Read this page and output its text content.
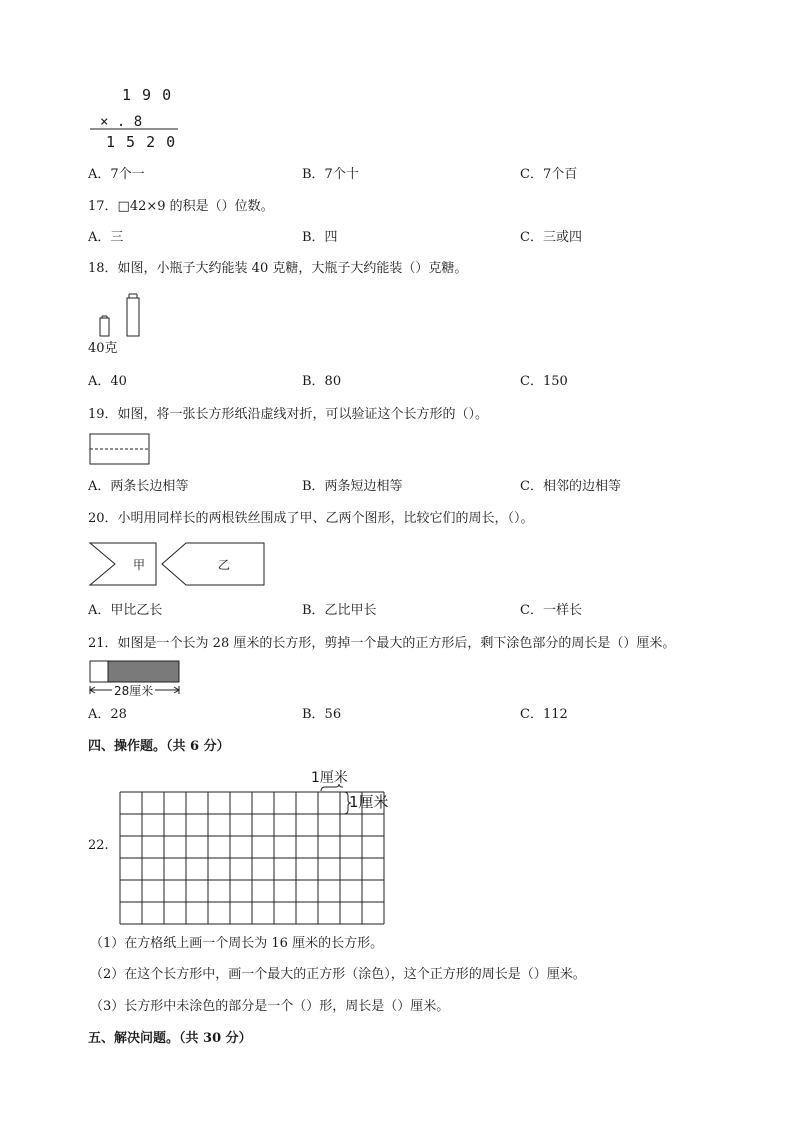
1 9 0
× . 8
1 5 2 0
A．7个一	B．7个十	C．7个百
17．□42×9 的积是（）位数。
A．三	B．四	C．三或四
18．如图，小瓶子大约能装 40 克糖，大瓶子大约能装（）克糖。
40克
A．40	B．80	C．150
19．如图，将一张长方形纸沿虚线对折，可以验证这个长方形的（）。
A．两条长边相等	B．两条短边相等	C．相邻的边相等
20．小明用同样长的两根铁丝围成了甲、乙两个图形，比较它们的周长，（）。
甲	乙
A．甲比乙长	B．乙比甲长	C．一样长
21．如图是一个长为 28 厘米的长方形，剪掉一个最大的正方形后，剩下涂色部分的周长是（）厘米。
28厘米
A．28	B．56	C．112
四、操作题。（共 6 分）
1厘米
1厘米
22.
（1）在方格纸上画一个周长为 16 厘米的长方形。
（2）在这个长方形中，画一个最大的正方形（涂色），这个正方形的周长是（）厘米。
（3）长方形中未涂色的部分是一个（）形，周长是（）厘米。
五、解决问题。（共 30 分）
